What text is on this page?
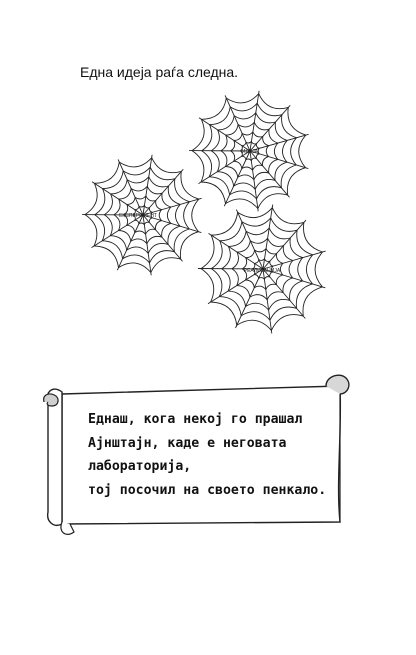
Една идеја раѓа следна.
ИДЕЈА
ЕКСПЕРИМЕНТ
РЕАЛИЗАЦИЈА
Еднаш, кога некој го прашал
Ајнштајн, каде е неговата
лабораторија,
тој посочил на своето пенкало.
